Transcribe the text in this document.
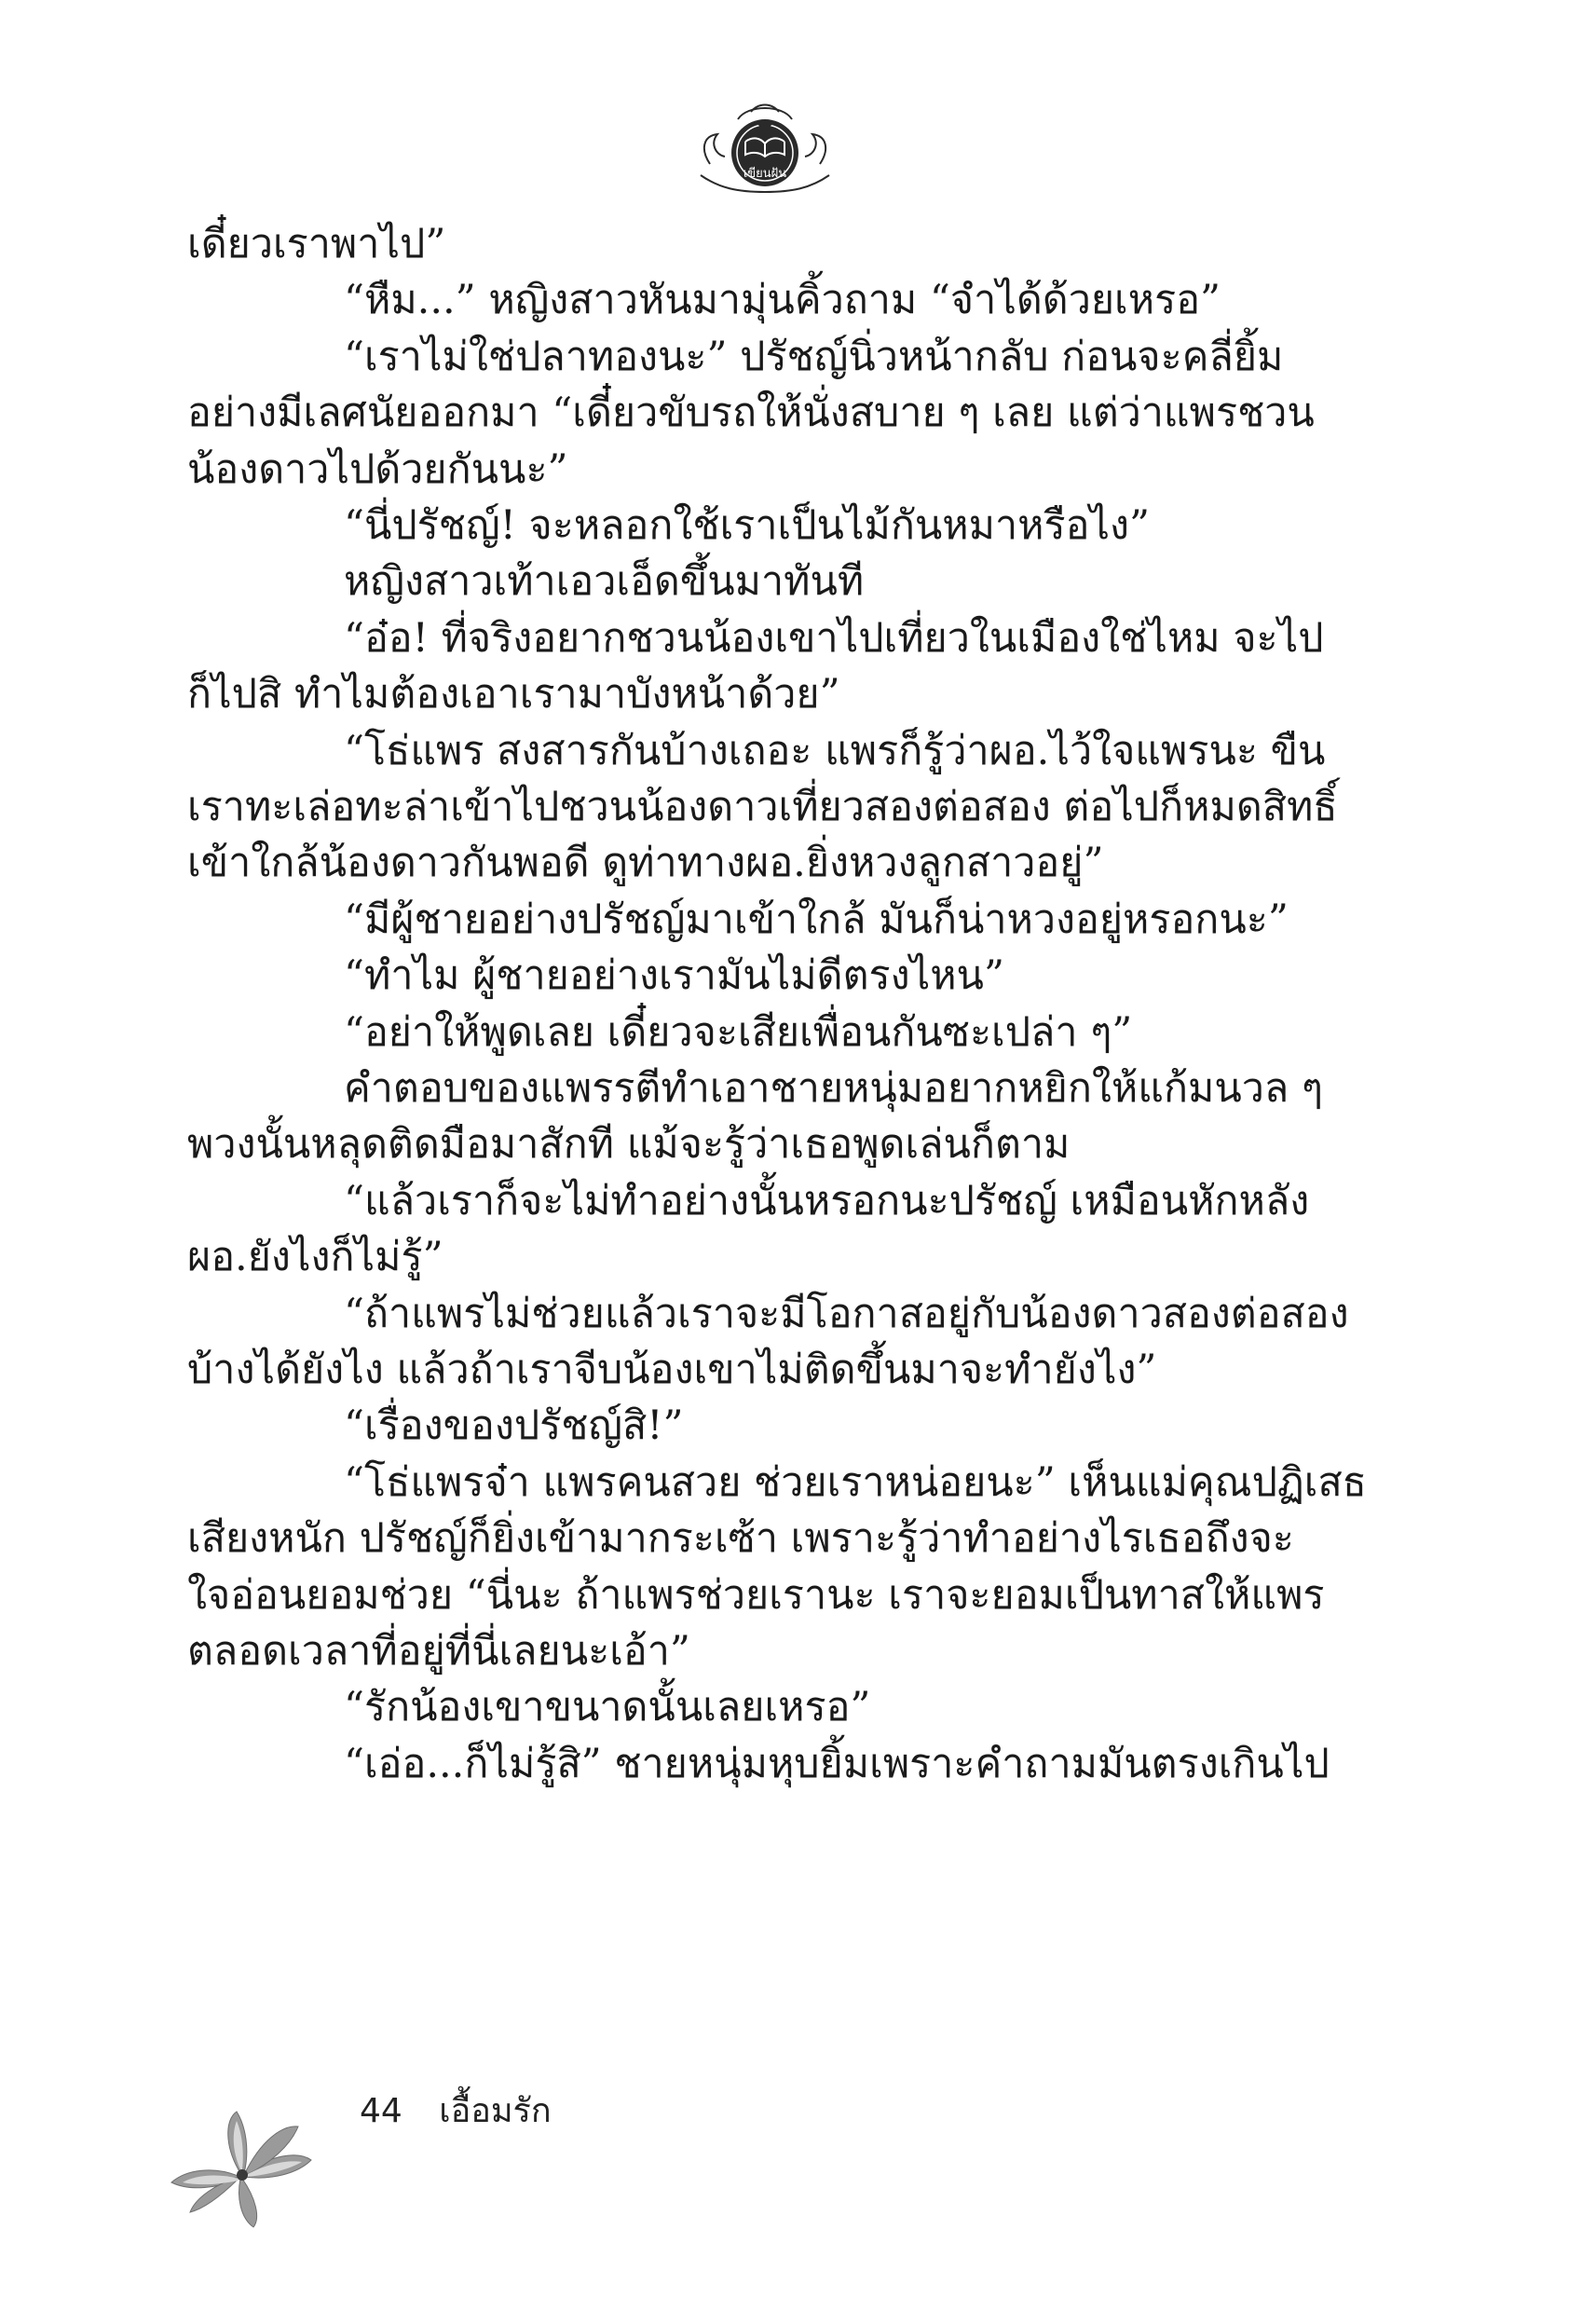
เขียนฝัน
เดี๋ยวเราพาไป”
“หืม...” หญิงสาวหันมามุ่นคิ้วถาม “จำได้ด้วยเหรอ”
“เราไม่ใช่ปลาทองนะ” ปรัชญ์นิ่วหน้ากลับ ก่อนจะคลี่ยิ้ม
อย่างมีเลศนัยออกมา “เดี๋ยวขับรถให้นั่งสบาย ๆ เลย แต่ว่าแพรชวน
น้องดาวไปด้วยกันนะ”
“นี่ปรัชญ์! จะหลอกใช้เราเป็นไม้กันหมาหรือไง”
หญิงสาวเท้าเอวเอ็ดขึ้นมาทันที
“อ๋อ! ที่จริงอยากชวนน้องเขาไปเที่ยวในเมืองใช่ไหม จะไป
ก็ไปสิ ทำไมต้องเอาเรามาบังหน้าด้วย”
“โธ่แพร สงสารกันบ้างเถอะ แพรก็รู้ว่าผอ.ไว้ใจแพรนะ ขืน
เราทะเล่อทะล่าเข้าไปชวนน้องดาวเที่ยวสองต่อสอง ต่อไปก็หมดสิทธิ์
เข้าใกล้น้องดาวกันพอดี ดูท่าทางผอ.ยิ่งหวงลูกสาวอยู่”
“มีผู้ชายอย่างปรัชญ์มาเข้าใกล้ มันก็น่าหวงอยู่หรอกนะ”
“ทำไม ผู้ชายอย่างเรามันไม่ดีตรงไหน”
“อย่าให้พูดเลย เดี๋ยวจะเสียเพื่อนกันซะเปล่า ๆ”
คำตอบของแพรรตีทำเอาชายหนุ่มอยากหยิกให้แก้มนวล ๆ
พวงนั้นหลุดติดมือมาสักที แม้จะรู้ว่าเธอพูดเล่นก็ตาม
“แล้วเราก็จะไม่ทำอย่างนั้นหรอกนะปรัชญ์ เหมือนหักหลัง
ผอ.ยังไงก็ไม่รู้”
“ถ้าแพรไม่ช่วยแล้วเราจะมีโอกาสอยู่กับน้องดาวสองต่อสอง
บ้างได้ยังไง แล้วถ้าเราจีบน้องเขาไม่ติดขึ้นมาจะทำยังไง”
“เรื่องของปรัชญ์สิ!”
“โธ่แพรจ๋า แพรคนสวย ช่วยเราหน่อยนะ” เห็นแม่คุณปฏิเสธ
เสียงหนัก ปรัชญ์ก็ยิ่งเข้ามากระเซ้า เพราะรู้ว่าทำอย่างไรเธอถึงจะ
ใจอ่อนยอมช่วย “นี่นะ ถ้าแพรช่วยเรานะ เราจะยอมเป็นทาสให้แพร
ตลอดเวลาที่อยู่ที่นี่เลยนะเอ้า”
“รักน้องเขาขนาดนั้นเลยเหรอ”
“เอ่อ...ก็ไม่รู้สิ” ชายหนุ่มหุบยิ้มเพราะคำถามมันตรงเกินไป
44 เอื้อมรัก
